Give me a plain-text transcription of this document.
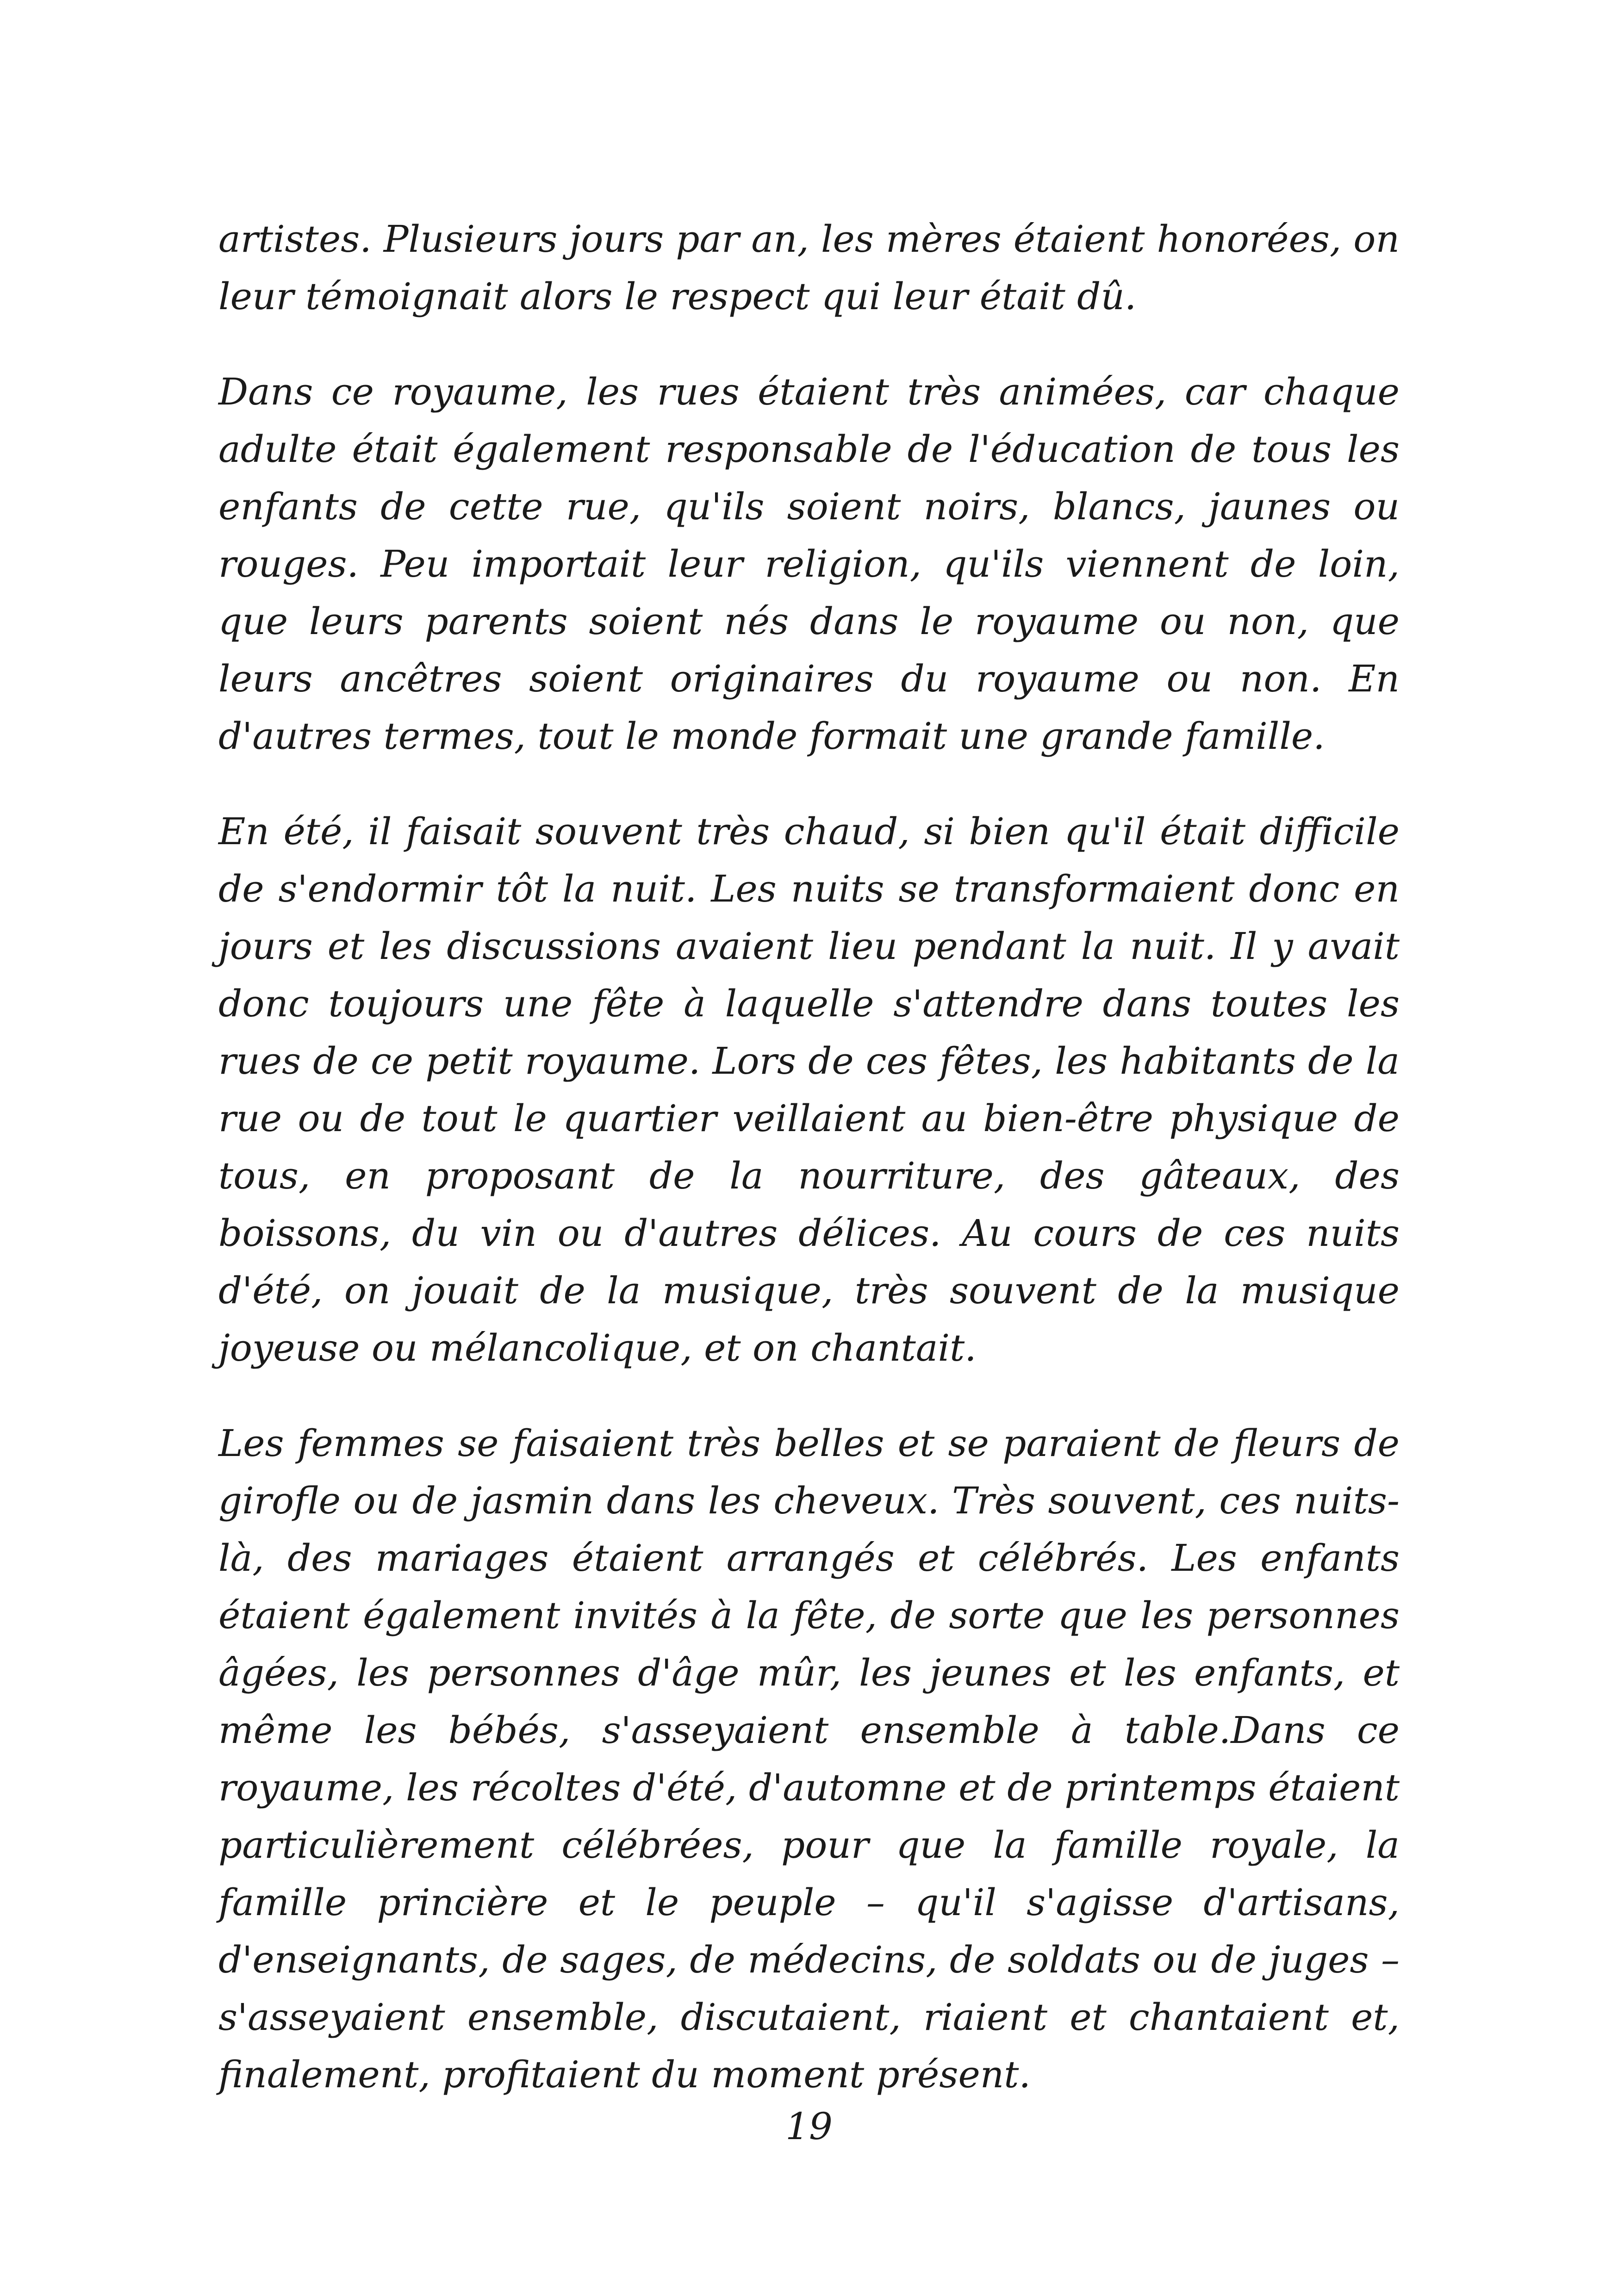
artistes. Plusieurs jours par an, les mères étaient honorées, on leur témoignait alors le respect qui leur était dû.

Dans ce royaume, les rues étaient très animées, car chaque adulte était également responsable de l'éducation de tous les enfants de cette rue, qu'ils soient noirs, blancs, jaunes ou rouges. Peu importait leur religion, qu'ils viennent de loin, que leurs parents soient nés dans le royaume ou non, que leurs ancêtres soient originaires du royaume ou non. En d'autres termes, tout le monde formait une grande famille.

En été, il faisait souvent très chaud, si bien qu'il était difficile de s'endormir tôt la nuit. Les nuits se transformaient donc en jours et les discussions avaient lieu pendant la nuit. Il y avait donc toujours une fête à laquelle s'attendre dans toutes les rues de ce petit royaume. Lors de ces fêtes, les habitants de la rue ou de tout le quartier veillaient au bien-être physique de tous, en proposant de la nourriture, des gâteaux, des boissons, du vin ou d'autres délices. Au cours de ces nuits d'été, on jouait de la musique, très souvent de la musique joyeuse ou mélancolique, et on chantait.

Les femmes se faisaient très belles et se paraient de fleurs de girofle ou de jasmin dans les cheveux. Très souvent, ces nuits-là, des mariages étaient arrangés et célébrés. Les enfants étaient également invités à la fête, de sorte que les personnes âgées, les personnes d'âge mûr, les jeunes et les enfants, et même les bébés, s'asseyaient ensemble à table.Dans ce royaume, les récoltes d'été, d'automne et de printemps étaient particulièrement célébrées, pour que la famille royale, la famille princière et le peuple – qu'il s'agisse d'artisans, d'enseignants, de sages, de médecins, de soldats ou de juges – s'asseyaient ensemble, discutaient, riaient et chantaient et, finalement, profitaient du moment présent.

19
